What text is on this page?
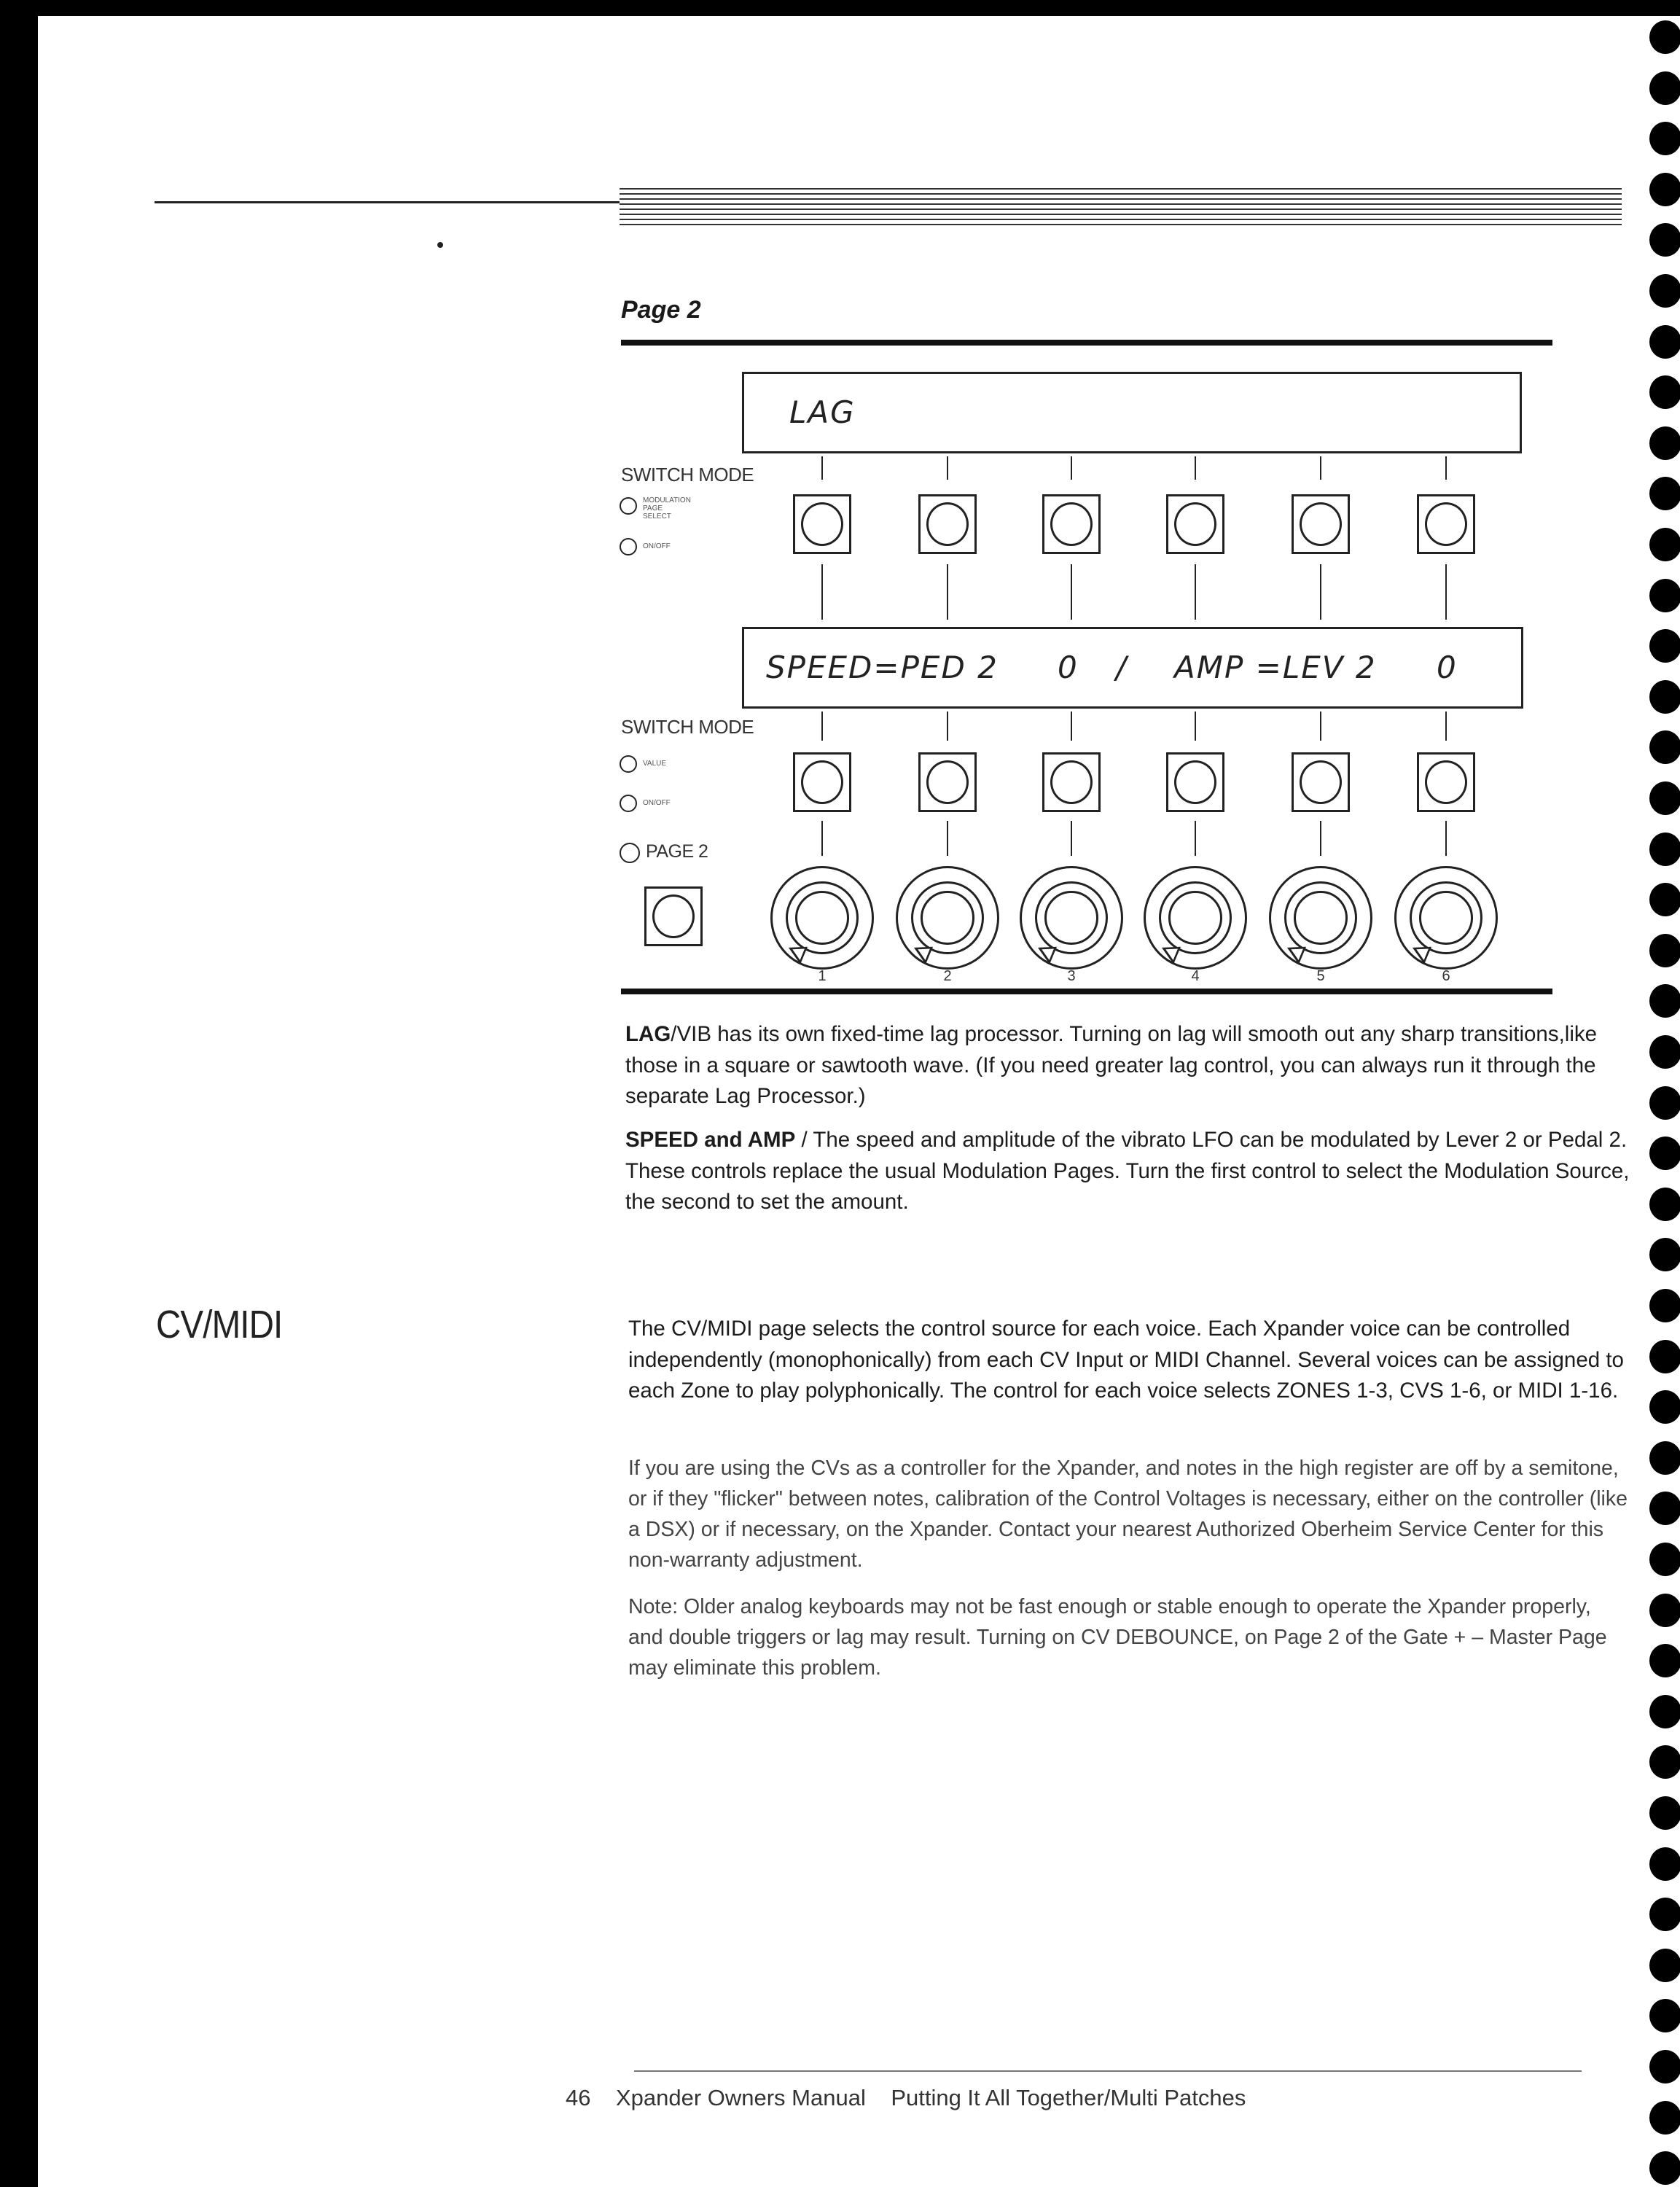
Page 2
LAG
SWITCH MODE
MODULATION PAGE SELECT
ON/OFF
SPEED=PED 2 0 / AMP =LEV 2 0
SWITCH MODE
VALUE
ON/OFF
PAGE 2
1	2	3	4	5	6
LAG/VIB has its own fixed-time lag processor. Turning on lag will smooth out any sharp transitions,like those in a square or sawtooth wave. (If you need greater lag control, you can always run it through the separate Lag Processor.)
SPEED and AMP / The speed and amplitude of the vibrato LFO can be modulated by Lever 2 or Pedal 2. These controls replace the usual Modulation Pages. Turn the first control to select the Modulation Source, the second to set the amount.
CV/MIDI	The CV/MIDI page selects the control source for each voice. Each Xpander voice can be controlled independently (monophonically) from each CV Input or MIDI Channel. Several voices can be assigned to each Zone to play polyphonically. The control for each voice selects ZONES 1-3, CVS 1-6, or MIDI 1-16.
If you are using the CVs as a controller for the Xpander, and notes in the high register are off by a semitone, or if they "flicker" between notes, calibration of the Control Voltages is necessary, either on the controller (like a DSX) or if necessary, on the Xpander. Contact your nearest Authorized Oberheim Service Center for this non-warranty adjustment.
Note: Older analog keyboards may not be fast enough or stable enough to operate the Xpander properly, and double triggers or lag may result. Turning on CV DEBOUNCE, on Page 2 of the Gate + – Master Page may eliminate this problem.
46 Xpander Owners Manual Putting It All Together/Multi Patches
